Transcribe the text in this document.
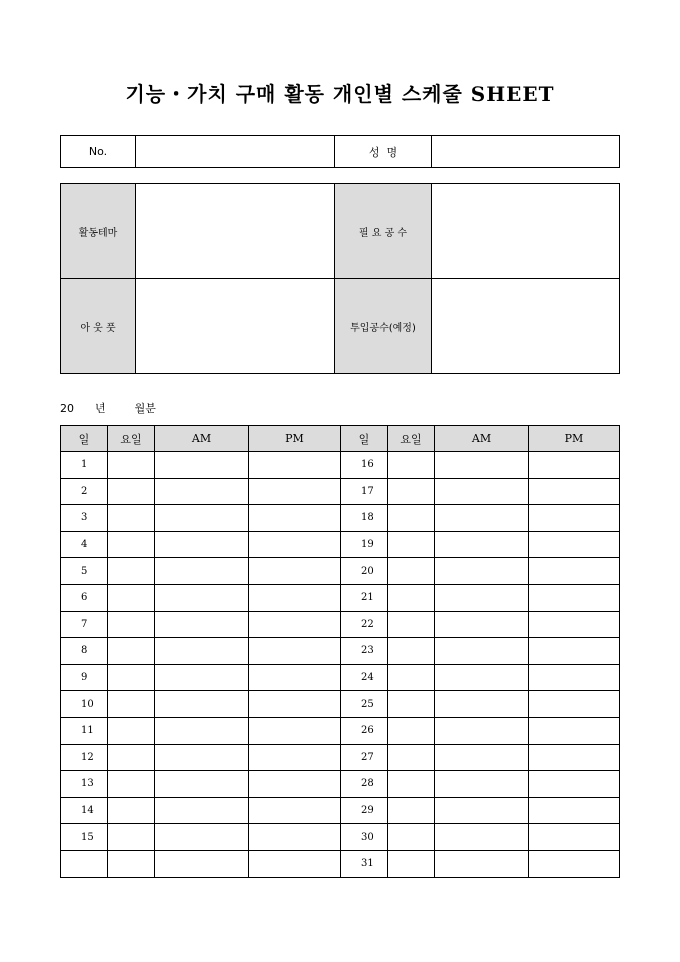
기능・가치 구매 활동 개인별 스케줄 SHEET
No.		성  명	
활동테마		필 요 공 수	
아 웃 풋		투입공수(예정)	
20 년	월분
일	요일	AM	PM	일	요일	AM	PM
1				16			
2				17			
3				18			
4				19			
5				20			
6				21			
7				22			
8				23			
9				24			
10				25			
11				26			
12				27			
13				28			
14				29			
15				30			
				31			
